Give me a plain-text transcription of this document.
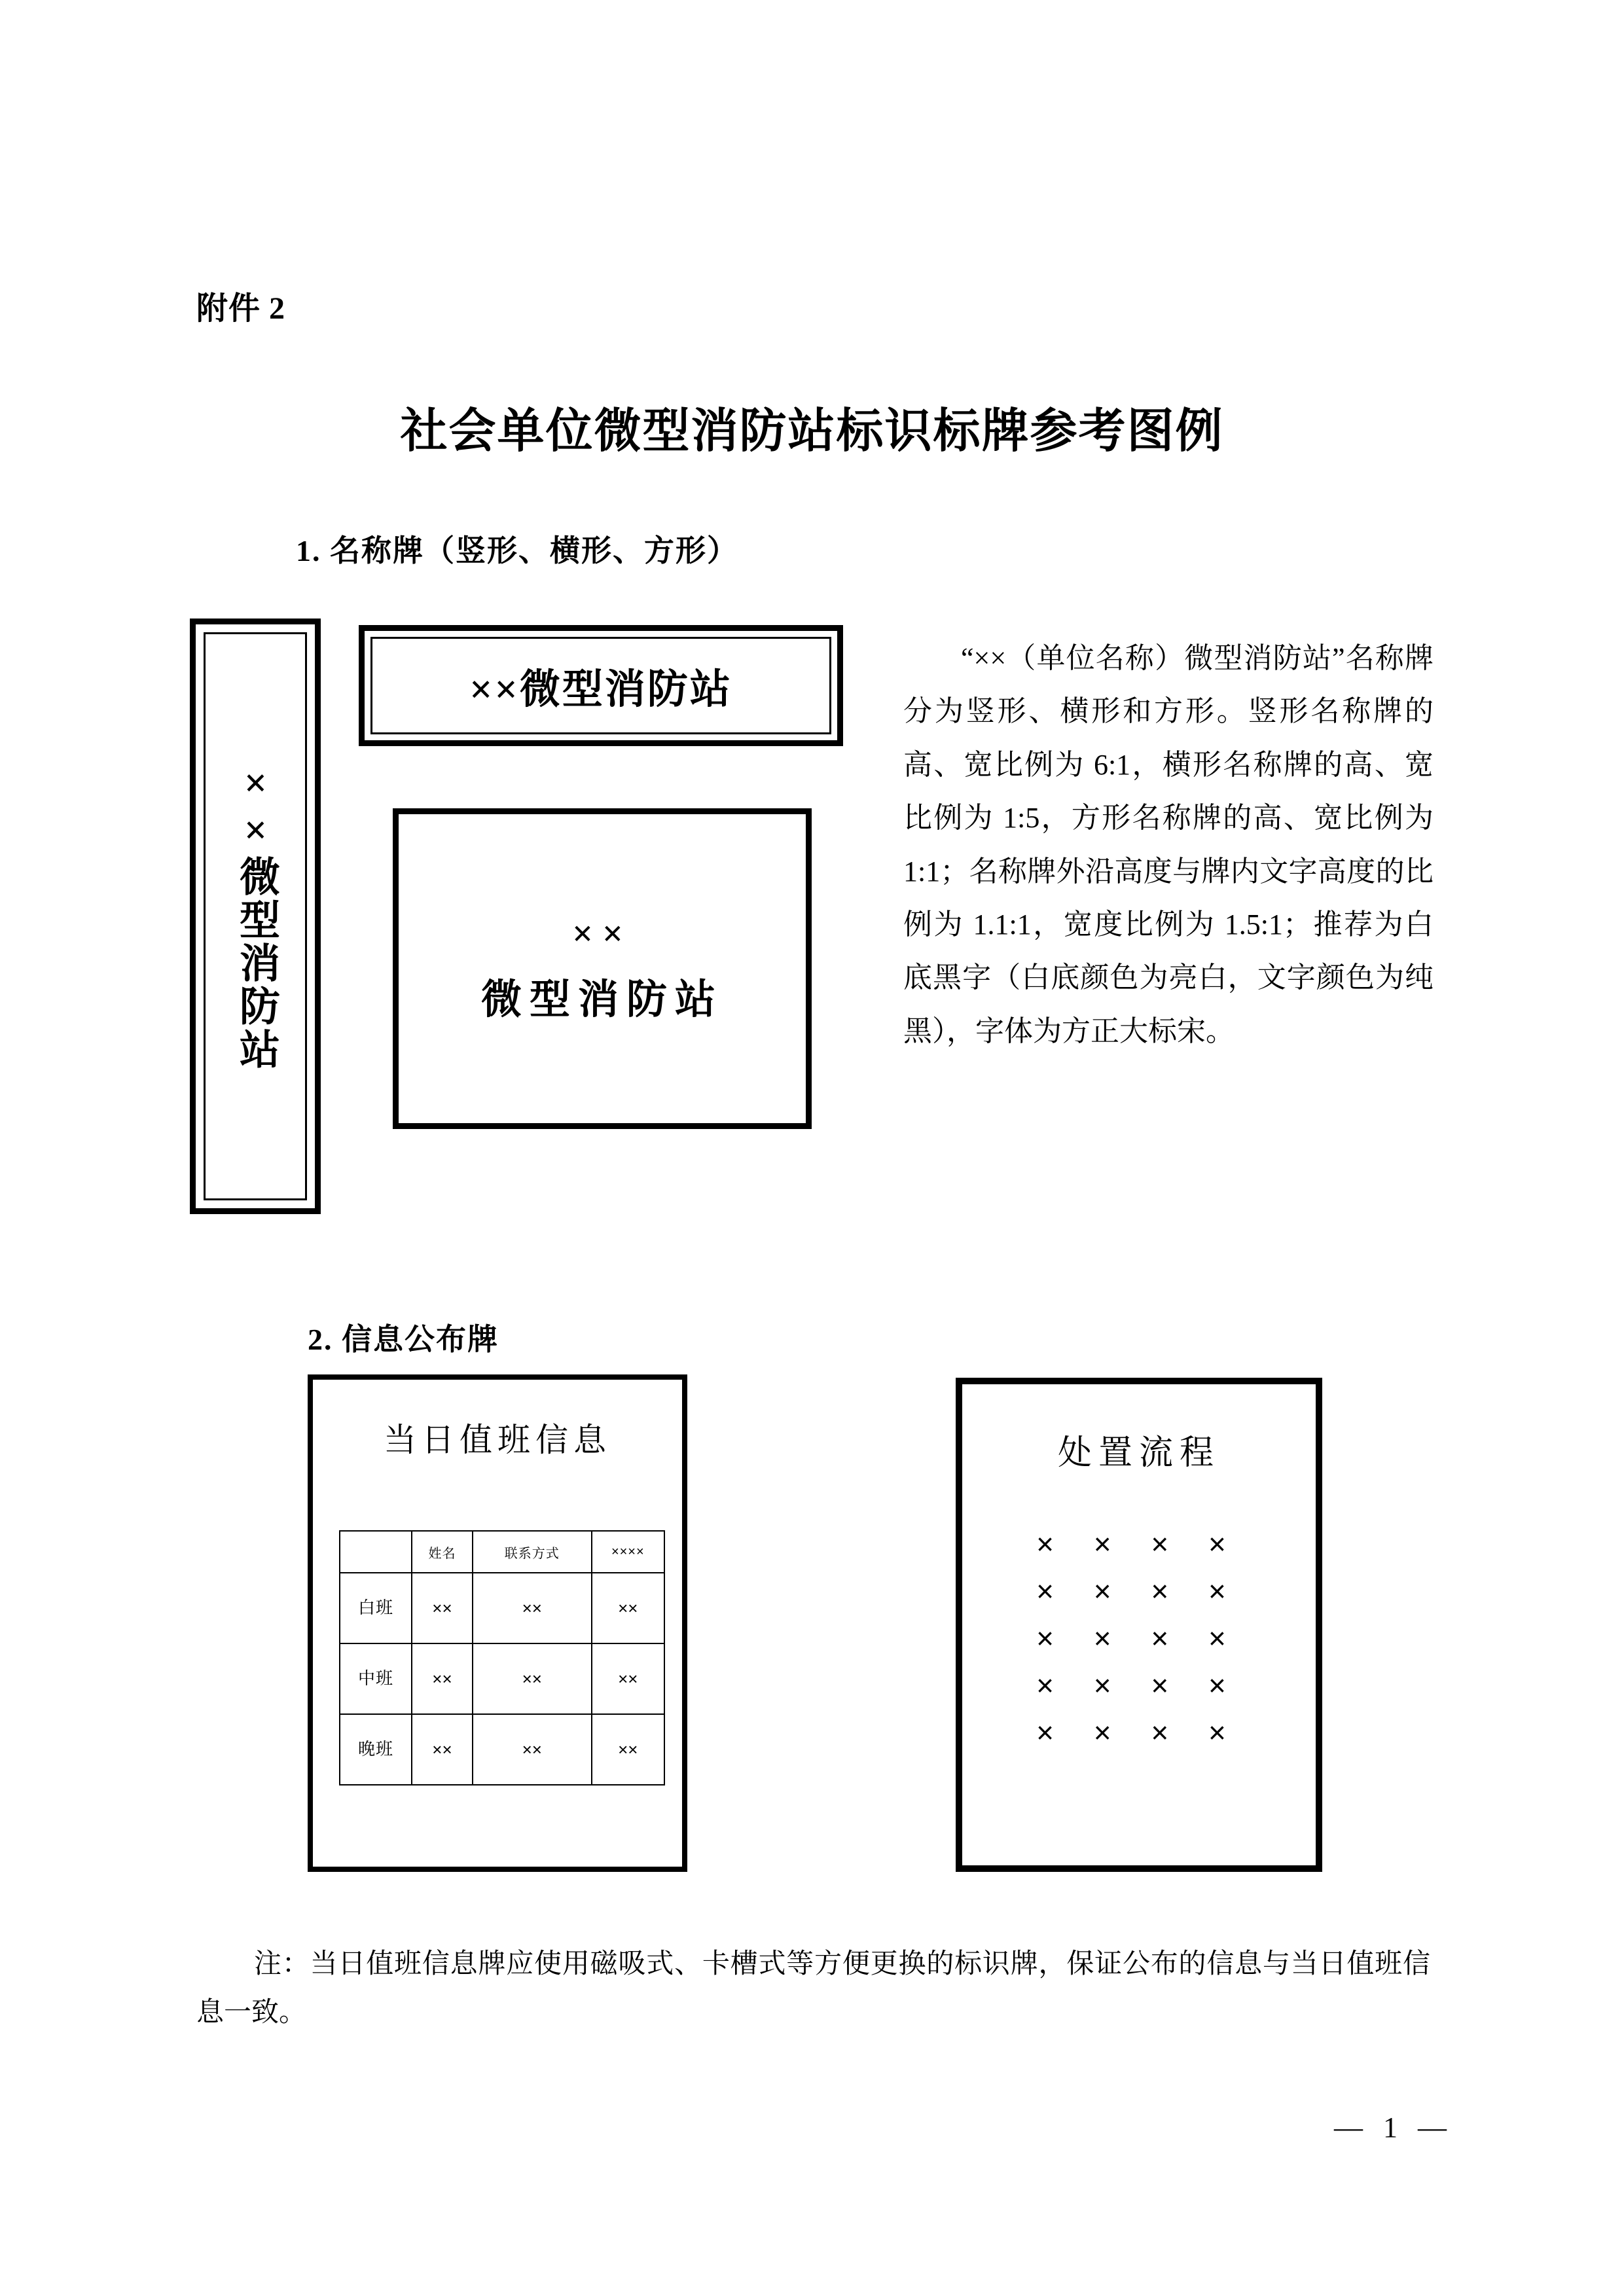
附件 2
社会单位微型消防站标识标牌参考图例
1. 名称牌（竖形、横形、方形）
××微型消防站
××微型消防站
××
微型消防站
“××（单位名称）微型消防站”名称牌分为竖形、横形和方形。竖形名称牌的高、宽比例为 6:1，横形名称牌的高、宽比例为 1:5，方形名称牌的高、宽比例为 1:1；名称牌外沿高度与牌内文字高度的比例为 1.1:1，宽度比例为 1.5:1；推荐为白底黑字（白底颜色为亮白，文字颜色为纯黑），字体为方正大标宋。
2. 信息公布牌
当日值班信息
	姓名	联系方式	××××
白班	××	××	××
中班	××	××	××
晚班	××	××	××
处置流程
× × × ×
× × × ×
× × × ×
× × × ×
× × × ×
注：当日值班信息牌应使用磁吸式、卡槽式等方便更换的标识牌，保证公布的信息与当日值班信息一致。
— 1 —
